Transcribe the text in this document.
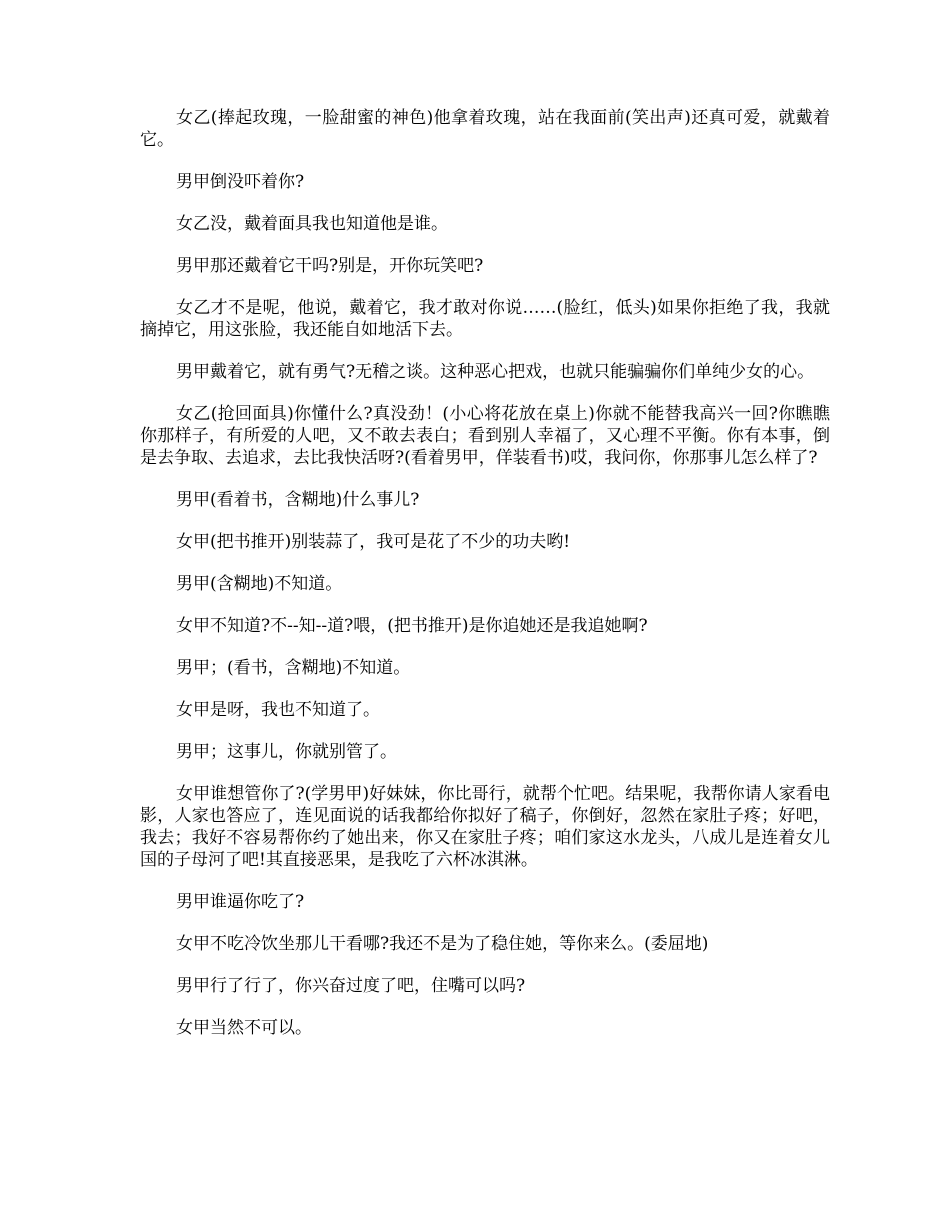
女乙(捧起玫瑰，一脸甜蜜的神色)他拿着玫瑰，站在我面前(笑出声)还真可爱，就戴着它。

男甲倒没吓着你?

女乙没，戴着面具我也知道他是谁。

男甲那还戴着它干吗?别是，开你玩笑吧?

女乙才不是呢，他说，戴着它，我才敢对你说……(脸红，低头)如果你拒绝了我，我就摘掉它，用这张脸，我还能自如地活下去。

男甲戴着它，就有勇气?无稽之谈。这种恶心把戏，也就只能骗骗你们单纯少女的心。

女乙(抢回面具)你懂什么?真没劲！(小心将花放在桌上)你就不能替我高兴一回?你瞧瞧你那样子，有所爱的人吧，又不敢去表白；看到别人幸福了，又心理不平衡。你有本事，倒是去争取、去追求，去比我快活呀?(看着男甲，佯装看书)哎，我问你，你那事儿怎么样了?

男甲(看着书，含糊地)什么事儿?

女甲(把书推开)别装蒜了，我可是花了不少的功夫哟!

男甲(含糊地)不知道。

女甲不知道?不--知--道?喂，(把书推开)是你追她还是我追她啊?

男甲；(看书，含糊地)不知道。

女甲是呀，我也不知道了。

男甲；这事儿，你就别管了。

女甲谁想管你了?(学男甲)好妹妹，你比哥行，就帮个忙吧。结果呢，我帮你请人家看电影，人家也答应了，连见面说的话我都给你拟好了稿子，你倒好，忽然在家肚子疼；好吧，我去；我好不容易帮你约了她出来，你又在家肚子疼；咱们家这水龙头，八成儿是连着女儿国的子母河了吧!其直接恶果，是我吃了六杯冰淇淋。

男甲谁逼你吃了?

女甲不吃冷饮坐那儿干看哪?我还不是为了稳住她，等你来么。(委屈地)

男甲行了行了，你兴奋过度了吧，住嘴可以吗?

女甲当然不可以。
